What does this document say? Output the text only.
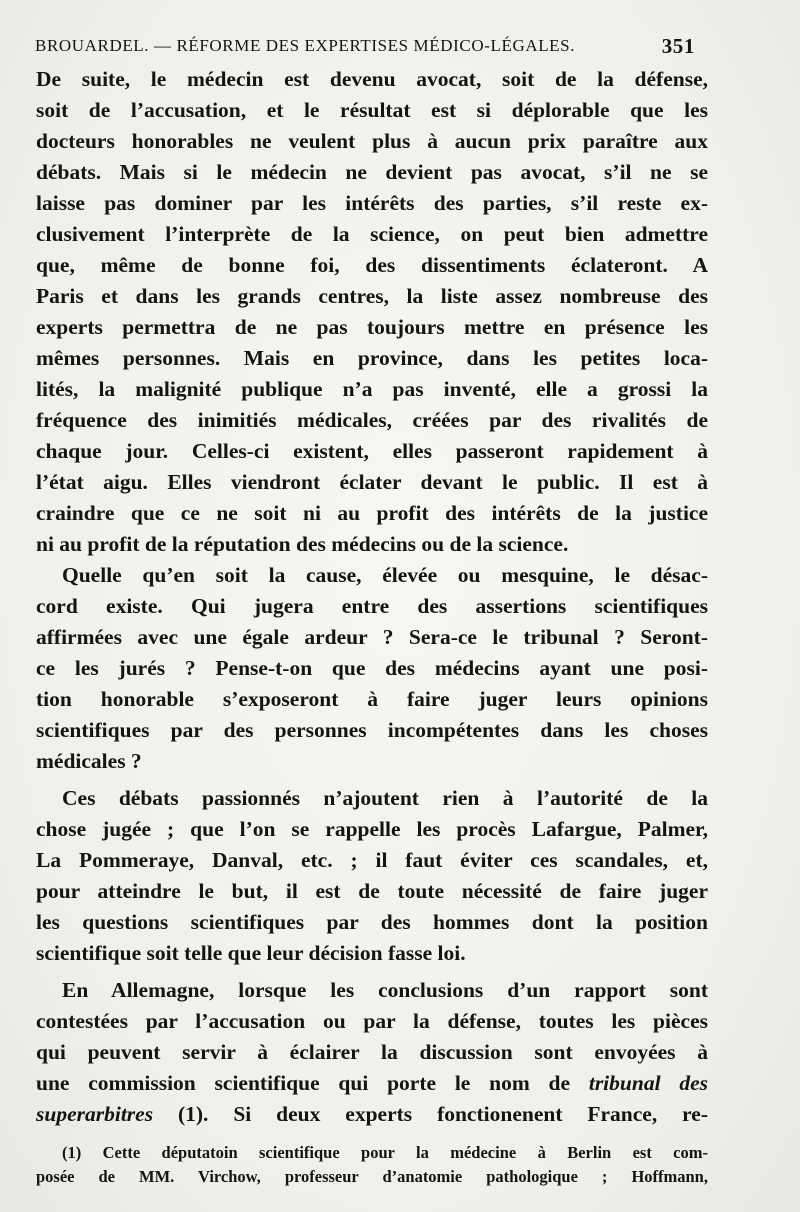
BROUARDEL. — RÉFORME DES EXPERTISES MÉDICO-LÉGALES.	351
De suite, le médecin est devenu avocat, soit de la défense,
soit de l’accusation, et le résultat est si déplorable que les
docteurs honorables ne veulent plus à aucun prix paraître aux
débats. Mais si le médecin ne devient pas avocat, s’il ne se
laisse pas dominer par les intérêts des parties, s’il reste ex-
clusivement l’interprète de la science, on peut bien admettre
que, même de bonne foi, des dissentiments éclateront. A
Paris et dans les grands centres, la liste assez nombreuse des
experts permettra de ne pas toujours mettre en présence les
mêmes personnes. Mais en province, dans les petites loca-
lités, la malignité publique n’a pas inventé, elle a grossi la
fréquence des inimitiés médicales, créées par des rivalités de
chaque jour. Celles-ci existent, elles passeront rapidement à
l’état aigu. Elles viendront éclater devant le public. Il est à
craindre que ce ne soit ni au profit des intérêts de la justice
ni au profit de la réputation des médecins ou de la science.
Quelle qu’en soit la cause, élevée ou mesquine, le désac-
cord existe. Qui jugera entre des assertions scientifiques
affirmées avec une égale ardeur ? Sera-ce le tribunal ? Seront-
ce les jurés ? Pense-t-on que des médecins ayant une posi-
tion honorable s’exposeront à faire juger leurs opinions
scientifiques par des personnes incompétentes dans les choses
médicales ?
Ces débats passionnés n’ajoutent rien à l’autorité de la
chose jugée ; que l’on se rappelle les procès Lafargue, Palmer,
La Pommeraye, Danval, etc. ; il faut éviter ces scandales, et,
pour atteindre le but, il est de toute nécessité de faire juger
les questions scientifiques par des hommes dont la position
scientifique soit telle que leur décision fasse loi.
En Allemagne, lorsque les conclusions d’un rapport sont
contestées par l’accusation ou par la défense, toutes les pièces
qui peuvent servir à éclairer la discussion sont envoyées à
une commission scientifique qui porte le nom de tribunal des
superarbitres (1). Si deux experts fonctionenent France, re-
(1) Cette députatoin scientifique pour la médecine à Berlin est com-
posée de MM. Virchow, professeur d’anatomie pathologique ; Hoffmann,
